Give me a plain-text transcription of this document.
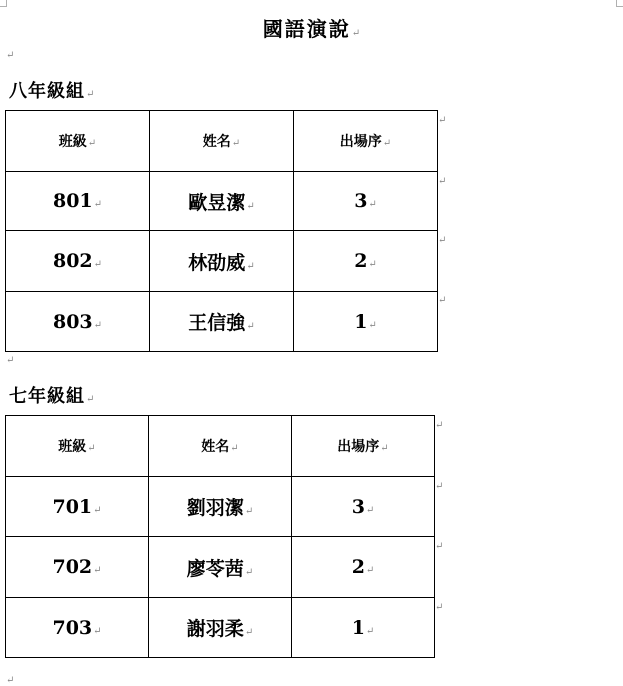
國語演說↵
↵
八年級組↵
班級↵	姓名↵	出場序↵
801↵	歐昱潔↵	3↵
802↵	林劭威↵	2↵
803↵	王信強↵	1↵
↵
↵
↵
↵
↵
七年級組↵
班級↵	姓名↵	出場序↵
701↵	劉羽潔↵	3↵
702↵	廖苓茜↵	2↵
703↵	謝羽柔↵	1↵
↵
↵
↵
↵
↵
